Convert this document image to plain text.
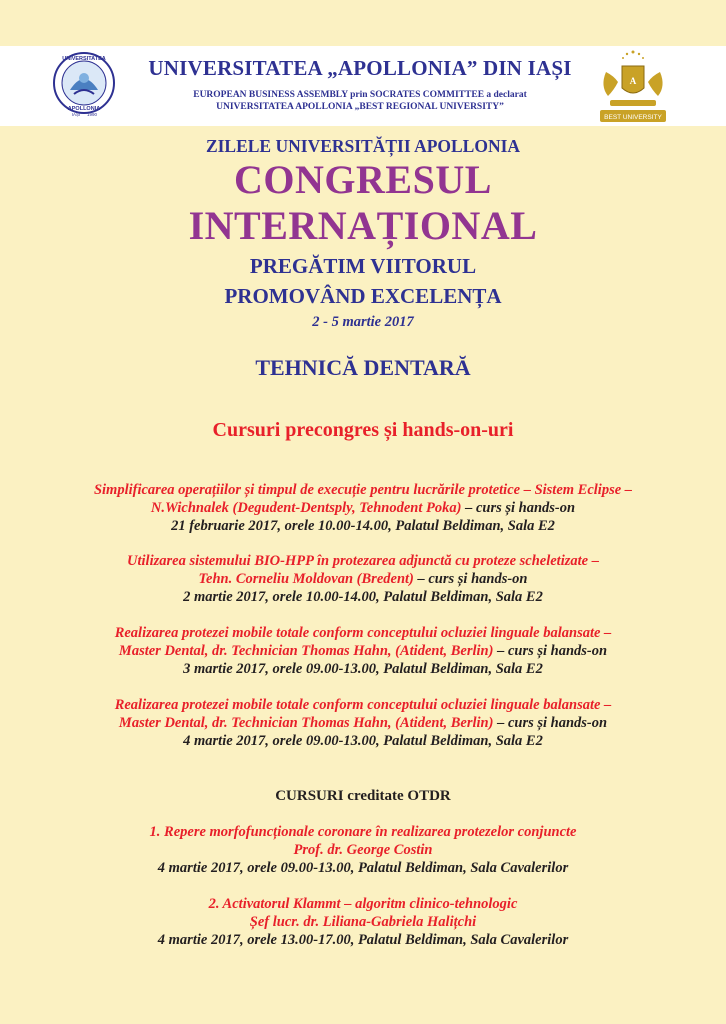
UNIVERSITATEA
APOLLONIA
IAȘI 1990
UNIVERSITATEA „APOLLONIA” DIN IAȘI
EUROPEAN BUSINESS ASSEMBLY prin SOCRATES COMMITTEE a declarat
UNIVERSITATEA APOLLONIA „BEST REGIONAL UNIVERSITY”
A
BEST UNIVERSITY
ZILELE UNIVERSITĂȚII APOLLONIA
CONGRESUL
INTERNAȚIONAL
PREGĂTIM VIITORUL
PROMOVÂND EXCELENȚA
2 - 5 martie 2017
TEHNICĂ DENTARĂ
Cursuri precongres și hands-on-uri
Simplificarea operațiilor și timpul de execuție pentru lucrările protetice – Sistem Eclipse –
N.Wichnalek (Degudent-Dentsply, Tehnodent Poka) – curs și hands-on
21 februarie 2017, orele 10.00-14.00, Palatul Beldiman, Sala E2
Utilizarea sistemului BIO-HPP în protezarea adjunctă cu proteze scheletizate –
Tehn. Corneliu Moldovan (Bredent) – curs și hands-on
2 martie 2017, orele 10.00-14.00, Palatul Beldiman, Sala E2
Realizarea protezei mobile totale conform conceptului ocluziei linguale balansate –
Master Dental, dr. Technician Thomas Hahn, (Atident, Berlin) – curs și hands-on
3 martie 2017, orele 09.00-13.00, Palatul Beldiman, Sala E2
Realizarea protezei mobile totale conform conceptului ocluziei linguale balansate –
Master Dental, dr. Technician Thomas Hahn, (Atident, Berlin) – curs și hands-on
4 martie 2017, orele 09.00-13.00, Palatul Beldiman, Sala E2
CURSURI creditate OTDR
1. Repere morfofuncționale coronare în realizarea protezelor conjuncte
Prof. dr. George Costin
4 martie 2017, orele 09.00-13.00, Palatul Beldiman, Sala Cavalerilor
2. Activatorul Klammt – algoritm clinico-tehnologic
Șef lucr. dr. Liliana-Gabriela Halițchi
4 martie 2017, orele 13.00-17.00, Palatul Beldiman, Sala Cavalerilor
